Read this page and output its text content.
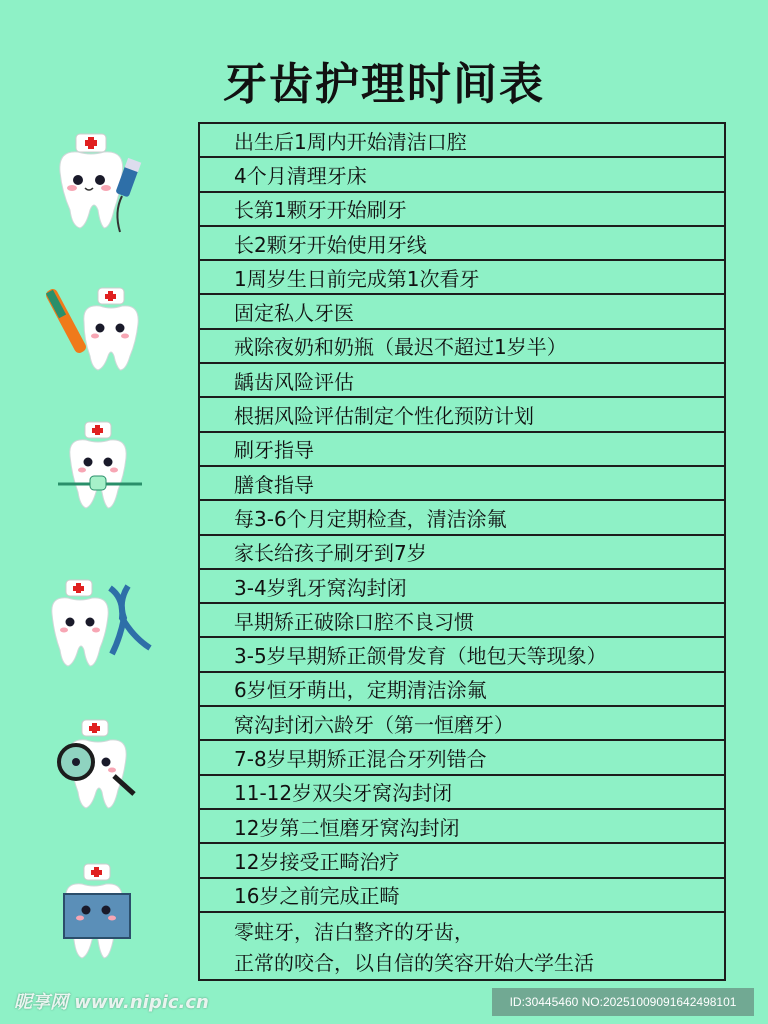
牙齿护理时间表
出生后1周内开始清洁口腔
4个月清理牙床
长第1颗牙开始刷牙
长2颗牙开始使用牙线
1周岁生日前完成第1次看牙
固定私人牙医
戒除夜奶和奶瓶（最迟不超过1岁半）
龋齿风险评估
根据风险评估制定个性化预防计划
刷牙指导
膳食指导
每3-6个月定期检查，清洁涂氟
家长给孩子刷牙到7岁
3-4岁乳牙窝沟封闭
早期矫正破除口腔不良习惯
3-5岁早期矫正颌骨发育（地包天等现象）
6岁恒牙萌出，定期清洁涂氟
窝沟封闭六龄牙（第一恒磨牙）
7-8岁早期矫正混合牙列错合
11-12岁双尖牙窝沟封闭
12岁第二恒磨牙窝沟封闭
12岁接受正畸治疗
16岁之前完成正畸
零蛀牙，洁白整齐的牙齿，
正常的咬合，以自信的笑容开始大学生活
昵享网 www.nipic.cn	ID:30445460 NO:20251009091642498101
